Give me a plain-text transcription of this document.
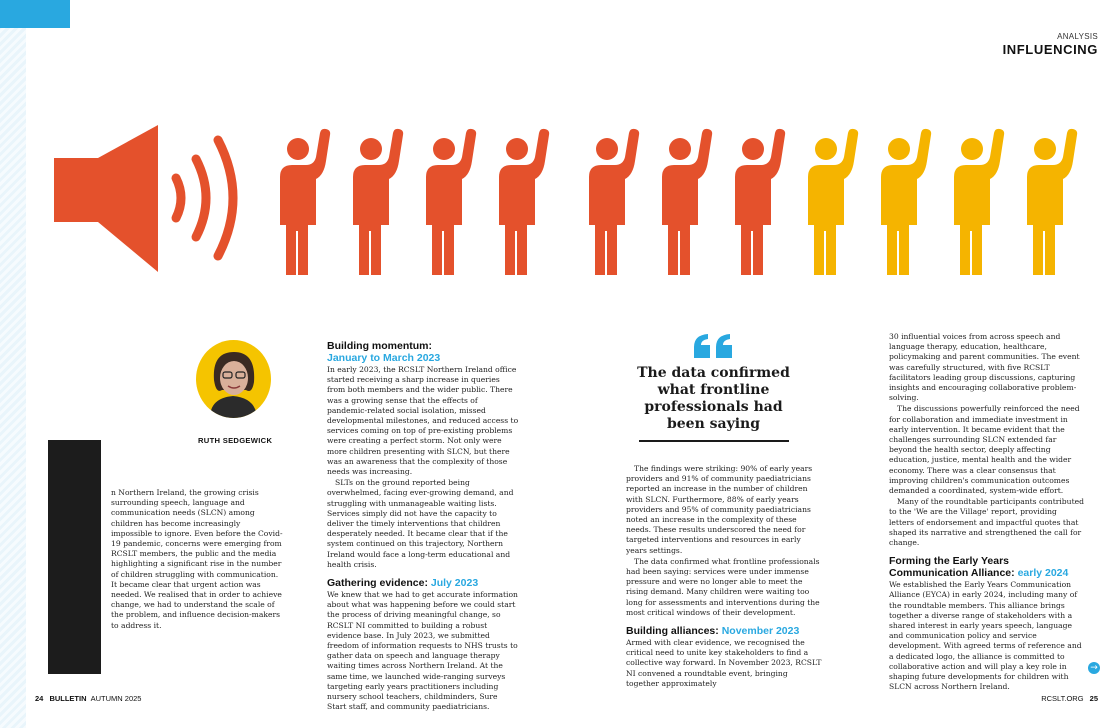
ANALYSIS
INFLUENCING
RUTH SEDGEWICK

n Northern Ireland, the growing crisis surrounding speech, language and communication needs (SLCN) among children has become increasingly impossible to ignore. Even before the Covid-19 pandemic, concerns were emerging from RCSLT members, the public and the media highlighting a significant rise in the number of children struggling with communication. It became clear that urgent action was needed. We realised that in order to achieve change, we had to understand the scale of the problem, and influence decision-makers to address it.

Building momentum:
January to March 2023

In early 2023, the RCSLT Northern Ireland office started receiving a sharp increase in queries from both members and the wider public. There was a growing sense that the effects of pandemic-related social isolation, missed developmental milestones, and reduced access to services coming on top of pre-existing problems were creating a perfect storm. Not only were more children presenting with SLCN, but there was an awareness that the complexity of those needs was increasing.

SLTs on the ground reported being overwhelmed, facing ever-growing demand, and struggling with unmanageable waiting lists. Services simply did not have the capacity to deliver the timely interventions that children desperately needed. It became clear that if the system continued on this trajectory, Northern Ireland would face a long-term educational and health crisis.

Gathering evidence: July 2023

We knew that we had to get accurate information about what was happening before we could start the process of driving meaningful change, so RCSLT NI committed to building a robust evidence base. In July 2023, we submitted freedom of information requests to NHS trusts to gather data on speech and language therapy waiting times across Northern Ireland. At the same time, we launched wide-ranging surveys targeting early years practitioners including nursery school teachers, childminders, Sure Start staff, and community paediatricians.

The data confirmed what frontline professionals had been saying

The findings were striking: 90% of early years providers and 91% of community paediatricians reported an increase in the number of children with SLCN. Furthermore, 88% of early years providers and 95% of community paediatricians noted an increase in the complexity of these needs. These results underscored the need for targeted interventions and resources in early years settings.

The data confirmed what frontline professionals had been saying: services were under immense pressure and were no longer able to meet the rising demand. Many children were waiting too long for assessments and interventions during the most critical windows of their development.

Building alliances: November 2023

Armed with clear evidence, we recognised the critical need to unite key stakeholders to find a collective way forward. In November 2023, RCSLT NI convened a roundtable event, bringing together approximately

30 influential voices from across speech and language therapy, education, healthcare, policymaking and parent communities. The event was carefully structured, with five RCSLT facilitators leading group discussions, capturing insights and encouraging collaborative problem-solving.

The discussions powerfully reinforced the need for collaboration and immediate investment in early intervention. It became evident that the challenges surrounding SLCN extended far beyond the health sector, deeply affecting education, justice, mental health and the wider economy. There was a clear consensus that improving children's communication outcomes demanded a coordinated, system-wide effort.

Many of the roundtable participants contributed to the 'We are the Village' report, providing letters of endorsement and impactful quotes that shaped its narrative and strengthened the call for change.

Forming the Early Years Communication Alliance: early 2024

We established the Early Years Communication Alliance (EYCA) in early 2024, including many of the roundtable members. This alliance brings together a diverse range of stakeholders with a shared interest in early years speech, language and communication policy and service development. With agreed terms of reference and a dedicated logo, the alliance is committed to collaborative action and will play a key role in shaping future developments for children with SLCN across Northern Ireland.

→
24 BULLETIN AUTUMN 2025	RCSLT.ORG 25
